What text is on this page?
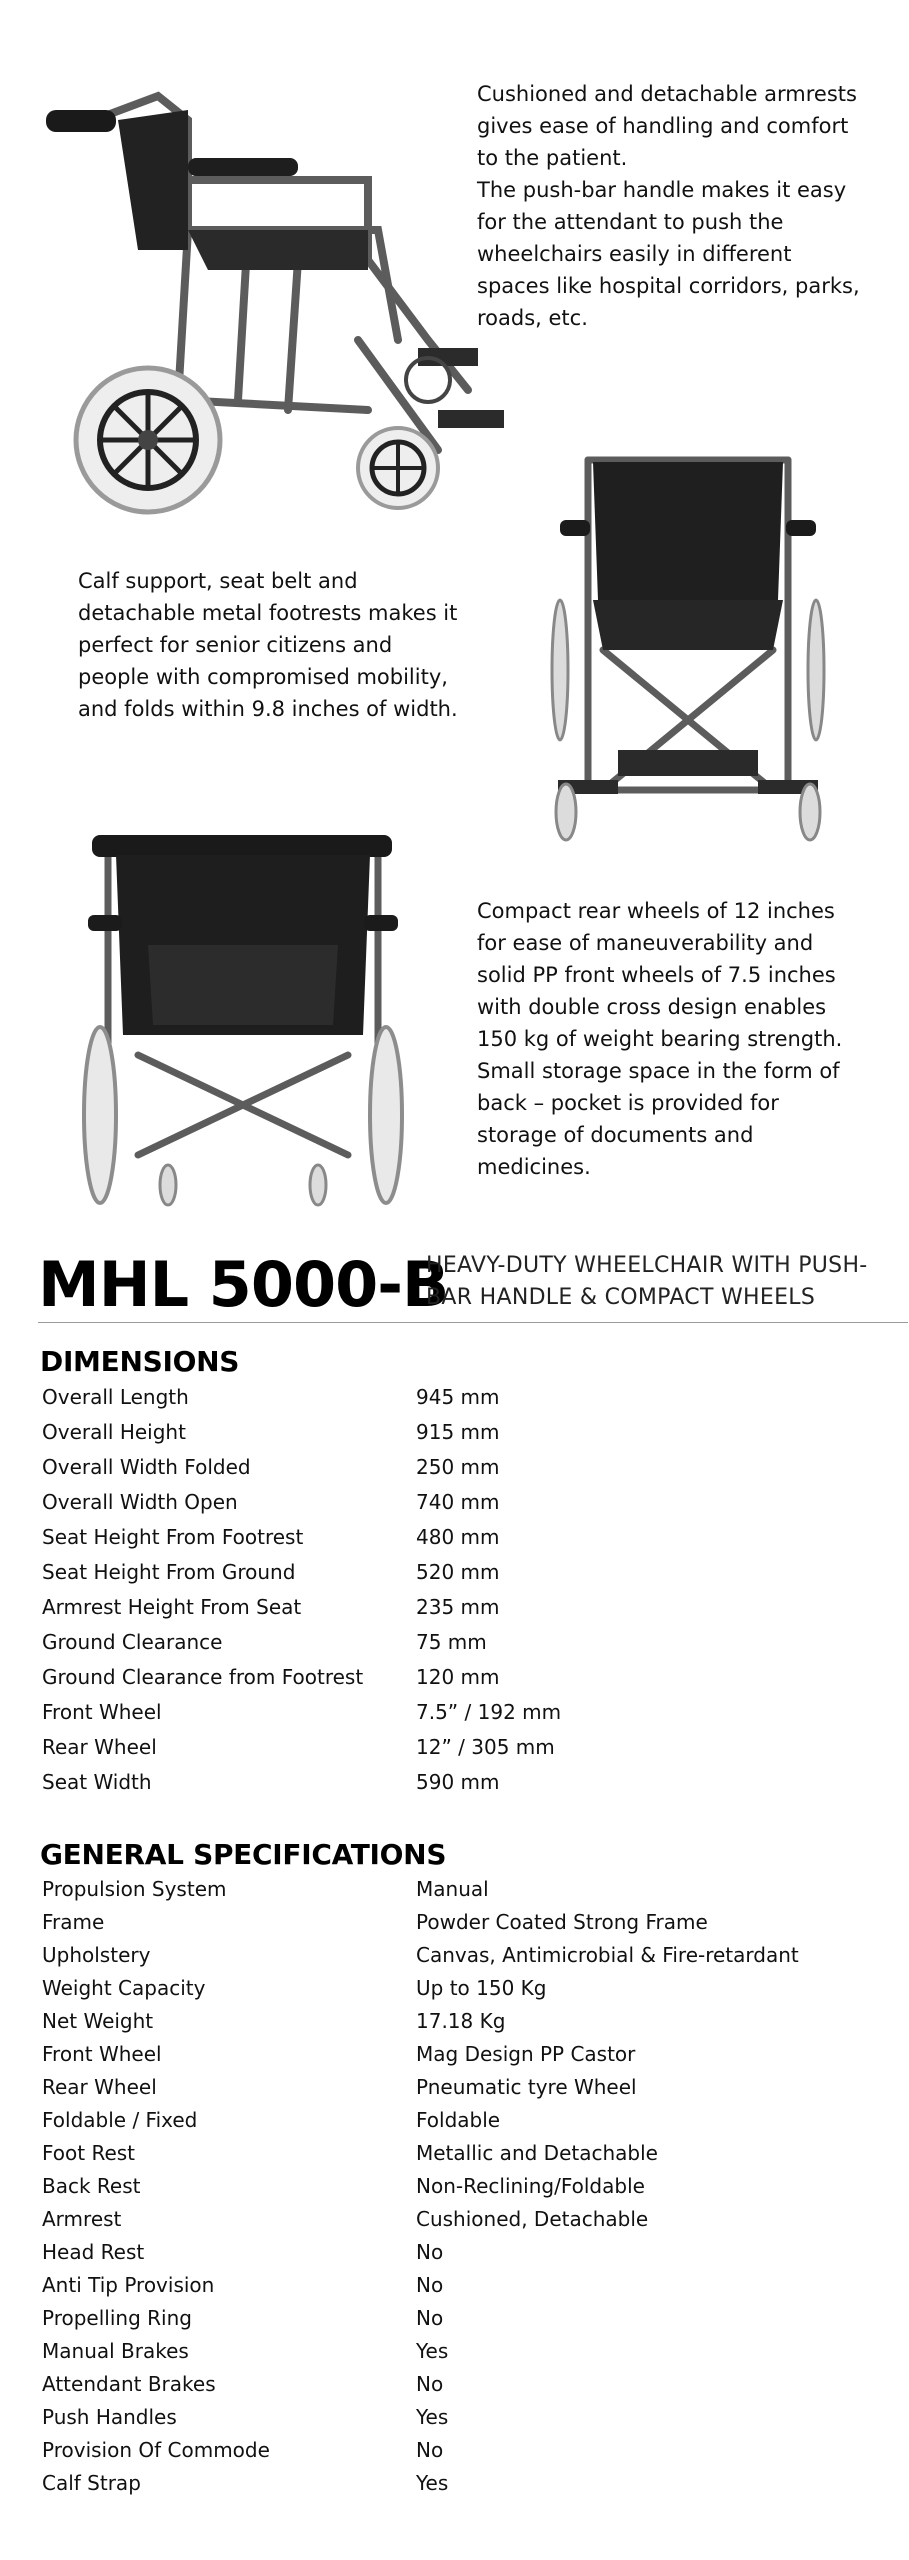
Cushioned and detachable armrests
gives ease of handling and comfort
to the patient.
The push-bar handle makes it easy
for the attendant to push the
wheelchairs easily in different
spaces like hospital corridors, parks,
roads, etc.
Calf support, seat belt and
detachable metal footrests makes it
perfect for senior citizens and
people with compromised mobility,
and folds within 9.8 inches of width.
Compact rear wheels of 12 inches
for ease of maneuverability and
solid PP front wheels of 7.5 inches
with double cross design enables
150 kg of weight bearing strength.
Small storage space in the form of
back – pocket is provided for
storage of documents and
medicines.
MHL 5000-B
HEAVY-DUTY WHEELCHAIR WITH PUSH-
BAR HANDLE & COMPACT WHEELS
DIMENSIONS
Overall Length	945 mm
Overall Height	915 mm
Overall Width Folded	250 mm
Overall Width Open	740 mm
Seat Height From Footrest	480 mm
Seat Height From Ground	520 mm
Armrest Height From Seat	235 mm
Ground Clearance	75 mm
Ground Clearance from Footrest	120 mm
Front Wheel	7.5” / 192 mm
Rear Wheel	12” / 305 mm
Seat Width	590 mm
GENERAL SPECIFICATIONS
Propulsion System	Manual
Frame	Powder Coated Strong Frame
Upholstery	Canvas, Antimicrobial & Fire-retardant
Weight Capacity	Up to 150 Kg
Net Weight	17.18 Kg
Front Wheel	Mag Design PP Castor
Rear Wheel	Pneumatic tyre Wheel
Foldable / Fixed	Foldable
Foot Rest	Metallic and Detachable
Back Rest	Non-Reclining/Foldable
Armrest	Cushioned, Detachable
Head Rest	No
Anti Tip Provision	No
Propelling Ring	No
Manual Brakes	Yes
Attendant Brakes	No
Push Handles	Yes
Provision Of Commode	No
Calf Strap	Yes
